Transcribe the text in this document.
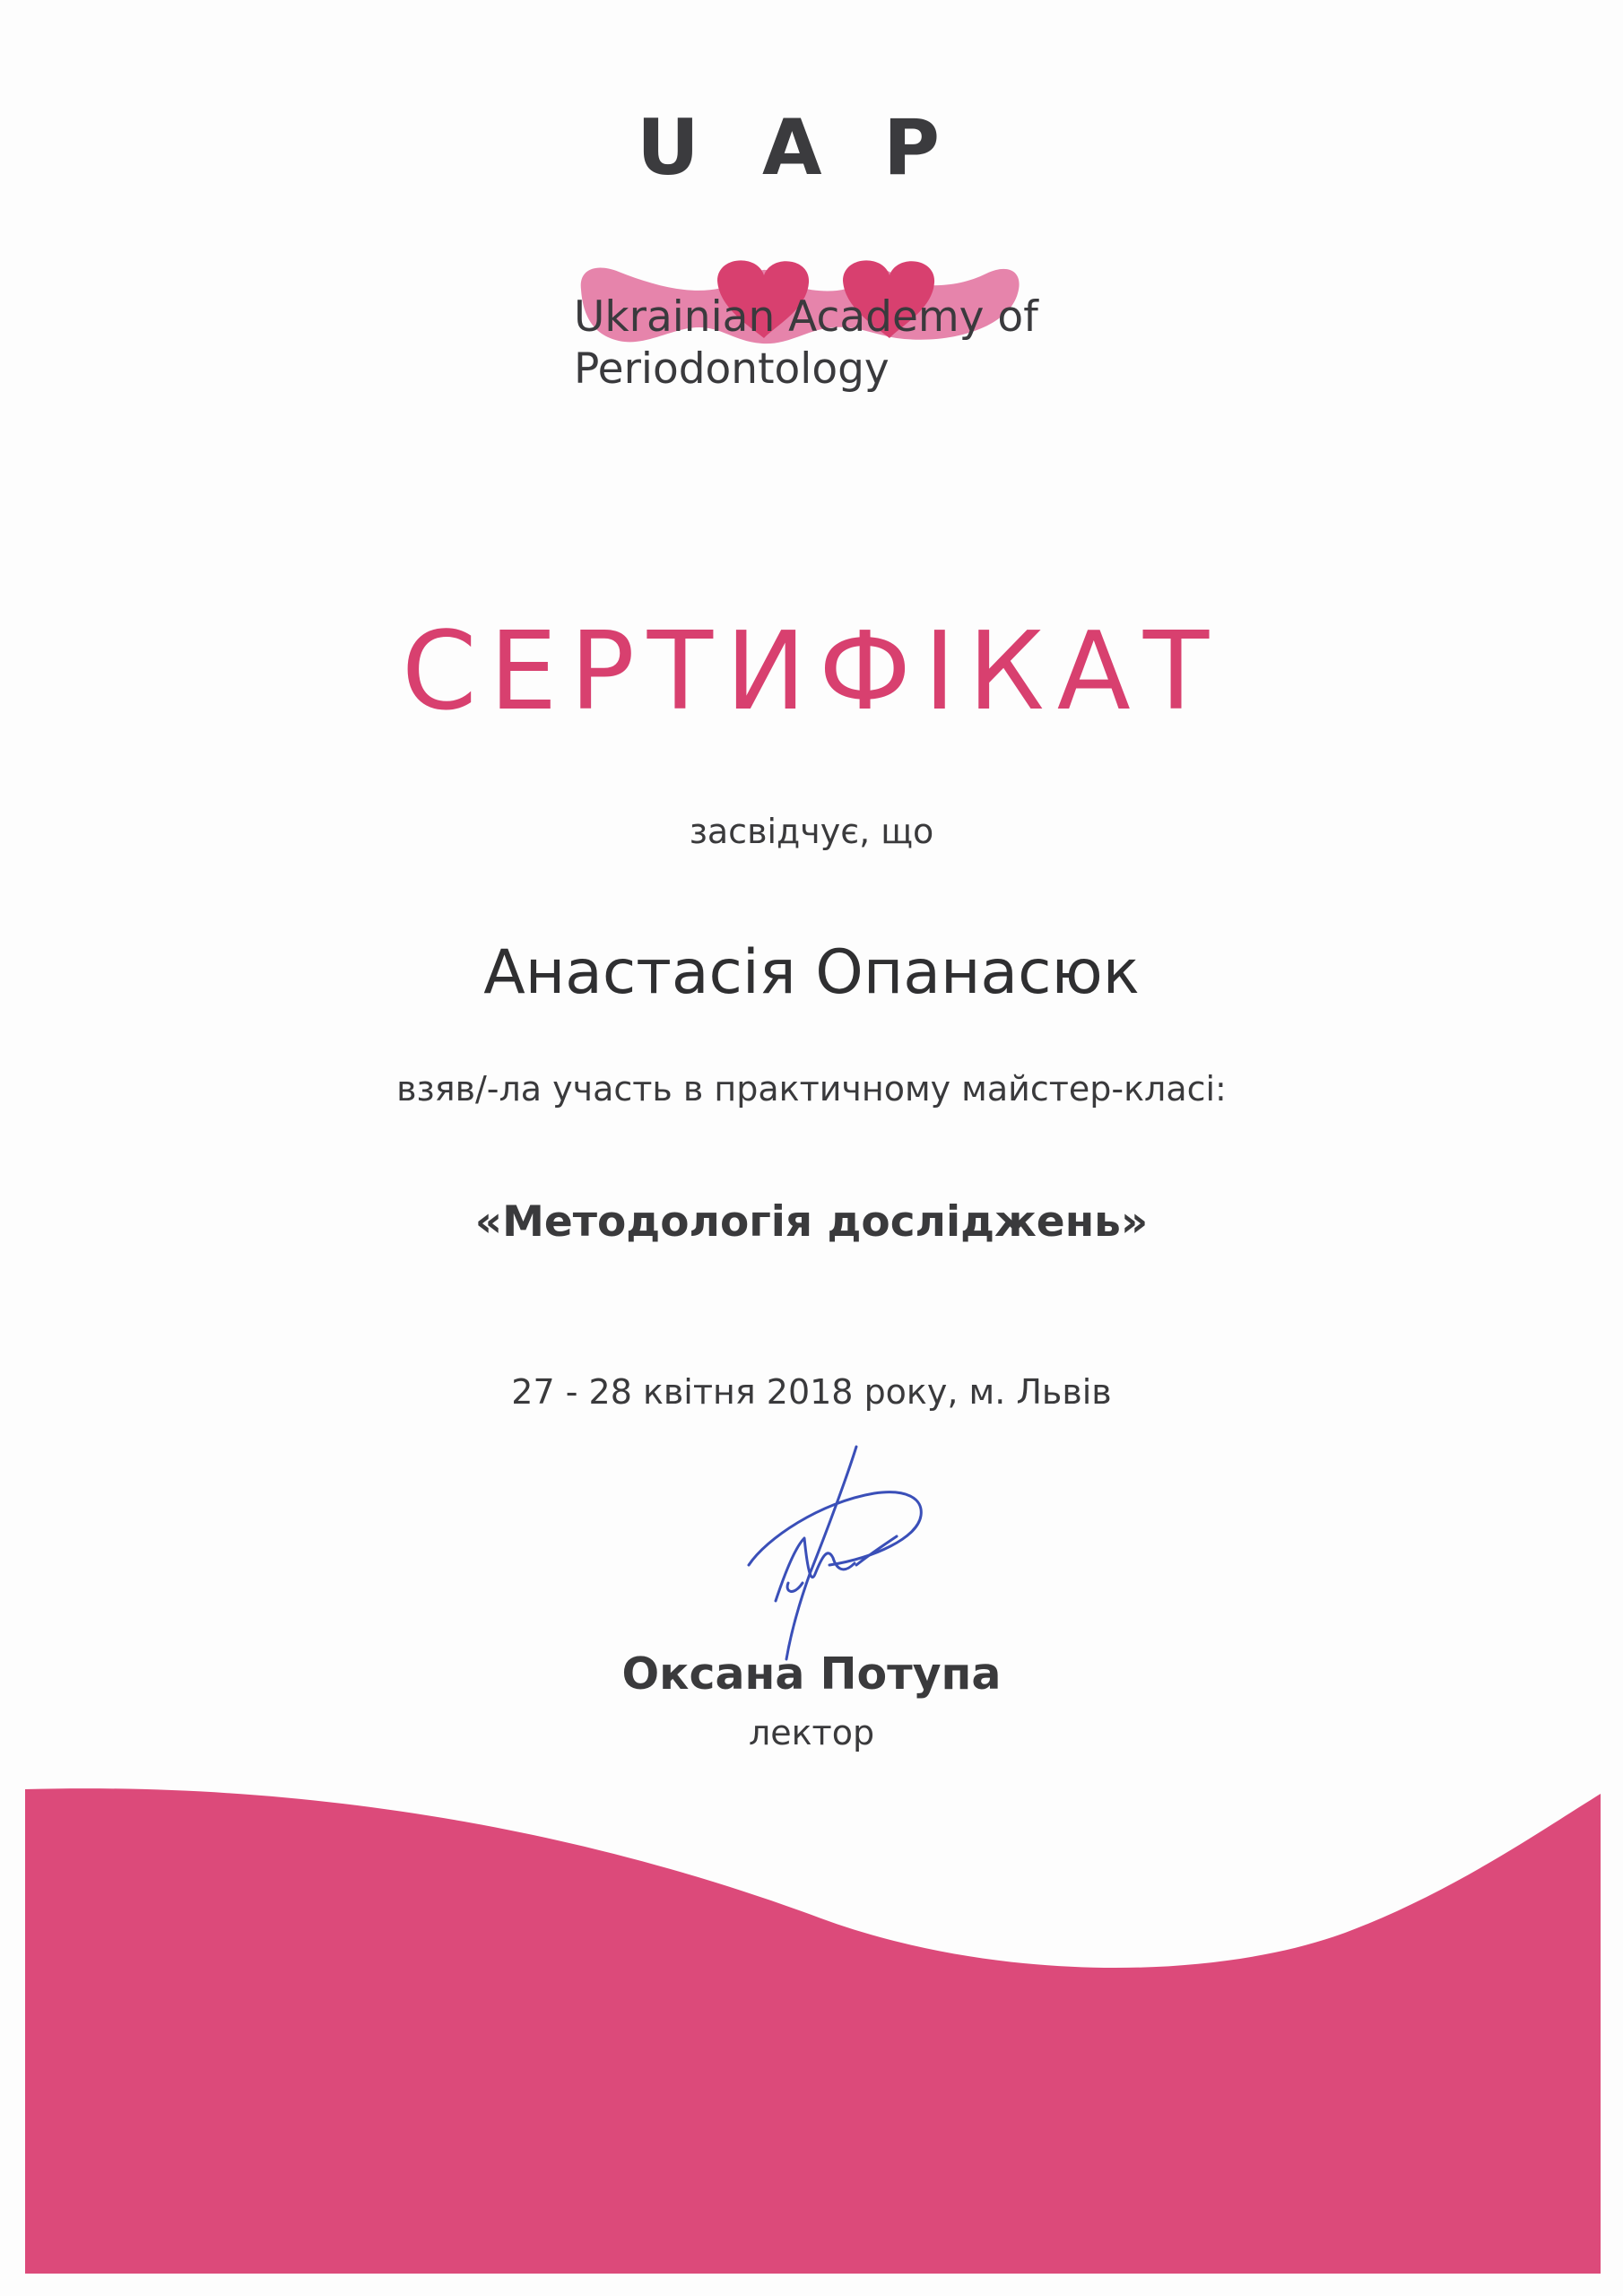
U A P
Ukrainian Academy of
Periodontology
СЕРТИФІКАТ
засвідчує, що
Анастасія Опанасюк
взяв/-ла участь в практичному майстер-класі:
«Методологія досліджень»
27 - 28 квітня 2018 року, м. Львів
Оксана Потупа
лектор
